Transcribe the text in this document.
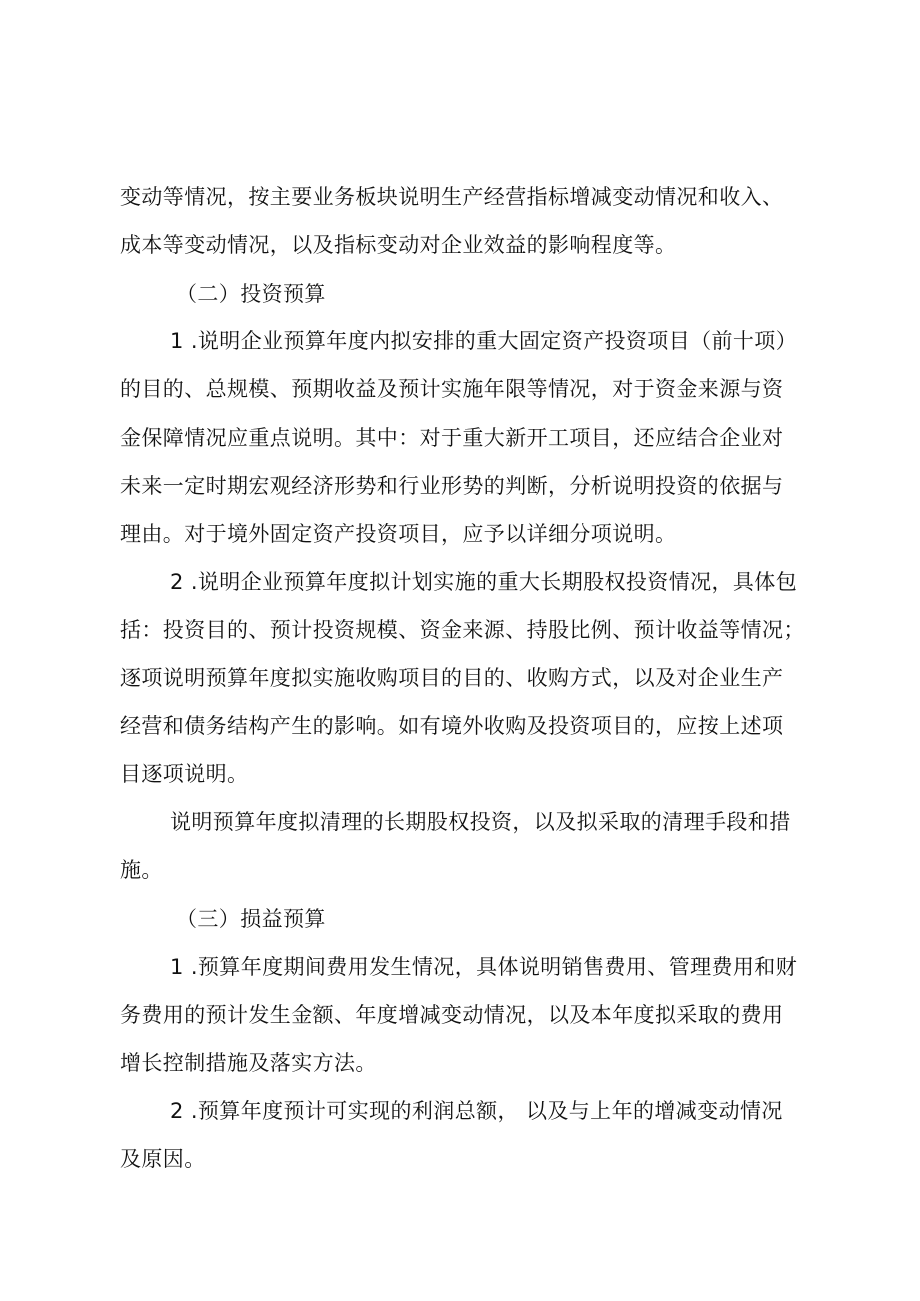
变动等情况，按主要业务板块说明生产经营指标增减变动情况和收入、
成本等变动情况，以及指标变动对企业效益的影响程度等。
（二）投资预算
1 .说明企业预算年度内拟安排的重大固定资产投资项目（前十项）
的目的、总规模、预期收益及预计实施年限等情况，对于资金来源与资
金保障情况应重点说明。其中：对于重大新开工项目，还应结合企业对
未来一定时期宏观经济形势和行业形势的判断，分析说明投资的依据与
理由。对于境外固定资产投资项目，应予以详细分项说明。
2 .说明企业预算年度拟计划实施的重大长期股权投资情况，具体包
括：投资目的、预计投资规模、资金来源、持股比例、预计收益等情况；
逐项说明预算年度拟实施收购项目的目的、收购方式，以及对企业生产
经营和债务结构产生的影响。如有境外收购及投资项目的，应按上述项
目逐项说明。
说明预算年度拟清理的长期股权投资，以及拟采取的清理手段和措
施。
（三）损益预算
1 .预算年度期间费用发生情况，具体说明销售费用、管理费用和财
务费用的预计发生金额、年度增减变动情况，以及本年度拟采取的费用
增长控制措施及落实方法。
2 .预算年度预计可实现的利润总额， 以及与上年的增减变动情况
及原因。
